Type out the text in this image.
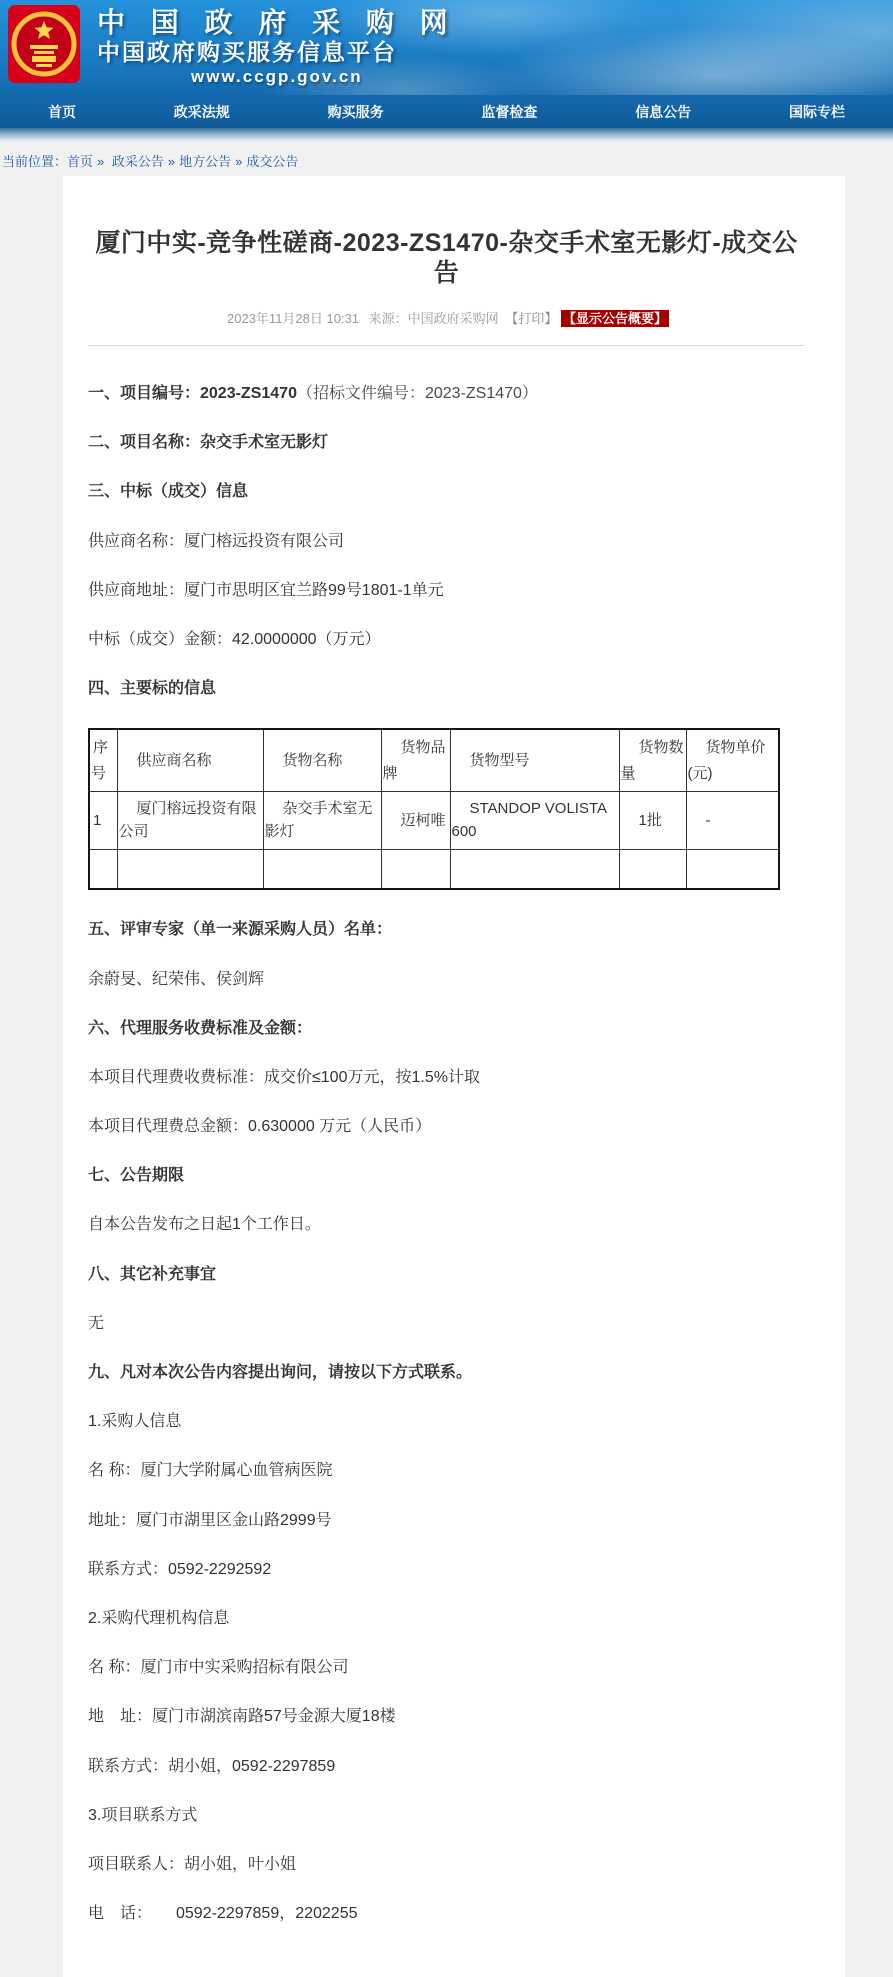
中 国 政 府 采 购 网
中国政府购买服务信息平台
www.ccgp.gov.cn
首页	政采法规	购买服务	监督检查	信息公告	国际专栏
当前位置：首页 » 政采公告 » 地方公告 » 成交公告
厦门中实-竞争性磋商-2023-ZS1470-杂交手术室无影灯-成交公告
2023年11月28日 10:31 来源：中国政府采购网 【打印】 【显示公告概要】

一、项目编号：2023-ZS1470（招标文件编号：2023-ZS1470）

二、项目名称：杂交手术室无影灯

三、中标（成交）信息

供应商名称：厦门榕远投资有限公司

供应商地址：厦门市思明区宜兰路99号1801-1单元

中标（成交）金额：42.0000000（万元）

四、主要标的信息

序号	供应商名称	货物名称	货物品牌	货物型号	货物数量	货物单价(元)
1	厦门榕远投资有限公司	杂交手术室无影灯	迈柯唯	STANDOP VOLISTA 600	1批	-

五、评审专家（单一来源采购人员）名单：

余蔚旻、纪荣伟、侯剑辉

六、代理服务收费标准及金额：

本项目代理费收费标准：成交价≤100万元，按1.5%计取

本项目代理费总金额：0.630000 万元（人民币）

七、公告期限

自本公告发布之日起1个工作日。

八、其它补充事宜

无

九、凡对本次公告内容提出询问，请按以下方式联系。

1.采购人信息

名 称：厦门大学附属心血管病医院

地址：厦门市湖里区金山路2999号

联系方式：0592-2292592

2.采购代理机构信息

名 称：厦门市中实采购招标有限公司

地　址：厦门市湖滨南路57号金源大厦18楼

联系方式：胡小姐，0592-2297859

3.项目联系方式

项目联系人：胡小姐，叶小姐

电　话：　　0592-2297859，2202255
